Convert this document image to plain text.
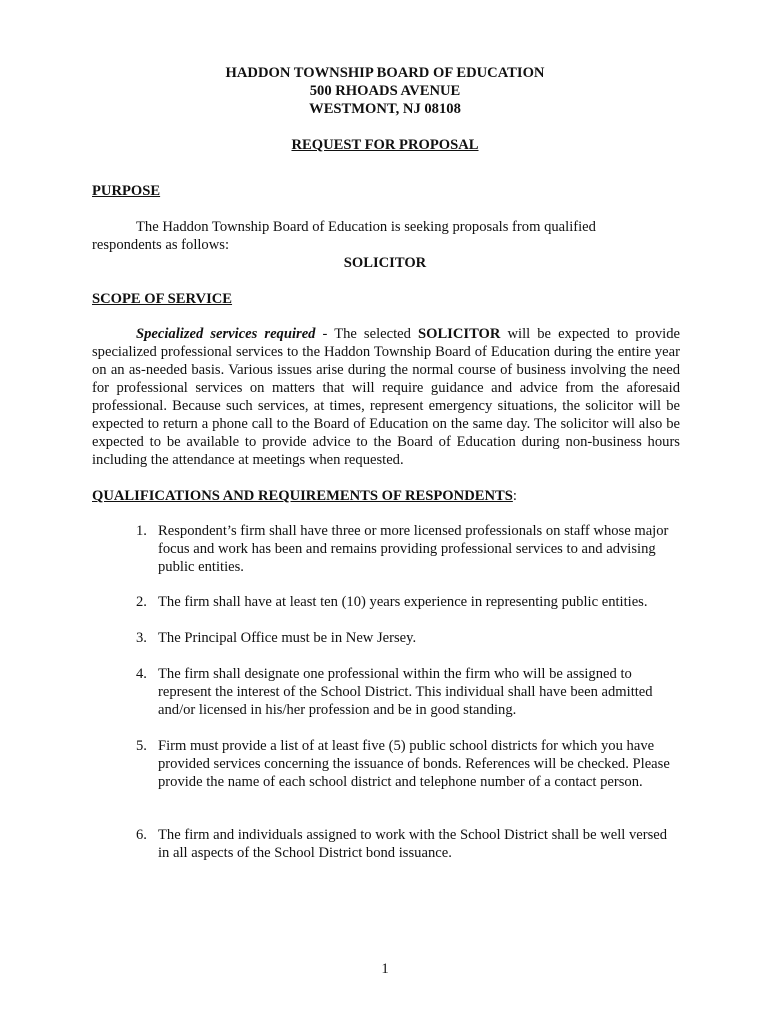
HADDON TOWNSHIP BOARD OF EDUCATION
500 RHOADS AVENUE
WESTMONT, NJ 08108
REQUEST FOR PROPOSAL
PURPOSE
The Haddon Township Board of Education is seeking proposals from qualified
respondents as follows:
SOLICITOR
SCOPE OF SERVICE
Specialized services required - The selected SOLICITOR will be expected to provide specialized professional services to the Haddon Township Board of Education during the entire year on an as-needed basis. Various issues arise during the normal course of business involving the need for professional services on matters that will require guidance and advice from the aforesaid professional. Because such services, at times, represent emergency situations, the solicitor will be expected to return a phone call to the Board of Education on the same day. The solicitor will also be expected to be available to provide advice to the Board of Education during non-business hours including the attendance at meetings when requested.
QUALIFICATIONS AND REQUIREMENTS OF RESPONDENTS:
1. Respondent’s firm shall have three or more licensed professionals on staff whose major focus and work has been and remains providing professional services to and advising public entities.
2. The firm shall have at least ten (10) years experience in representing public entities.
3. The Principal Office must be in New Jersey.
4. The firm shall designate one professional within the firm who will be assigned to represent the interest of the School District. This individual shall have been admitted and/or licensed in his/her profession and be in good standing.
5. Firm must provide a list of at least five (5) public school districts for which you have provided services concerning the issuance of bonds. References will be checked. Please provide the name of each school district and telephone number of a contact person.
6. The firm and individuals assigned to work with the School District shall be well versed in all aspects of the School District bond issuance.
1
